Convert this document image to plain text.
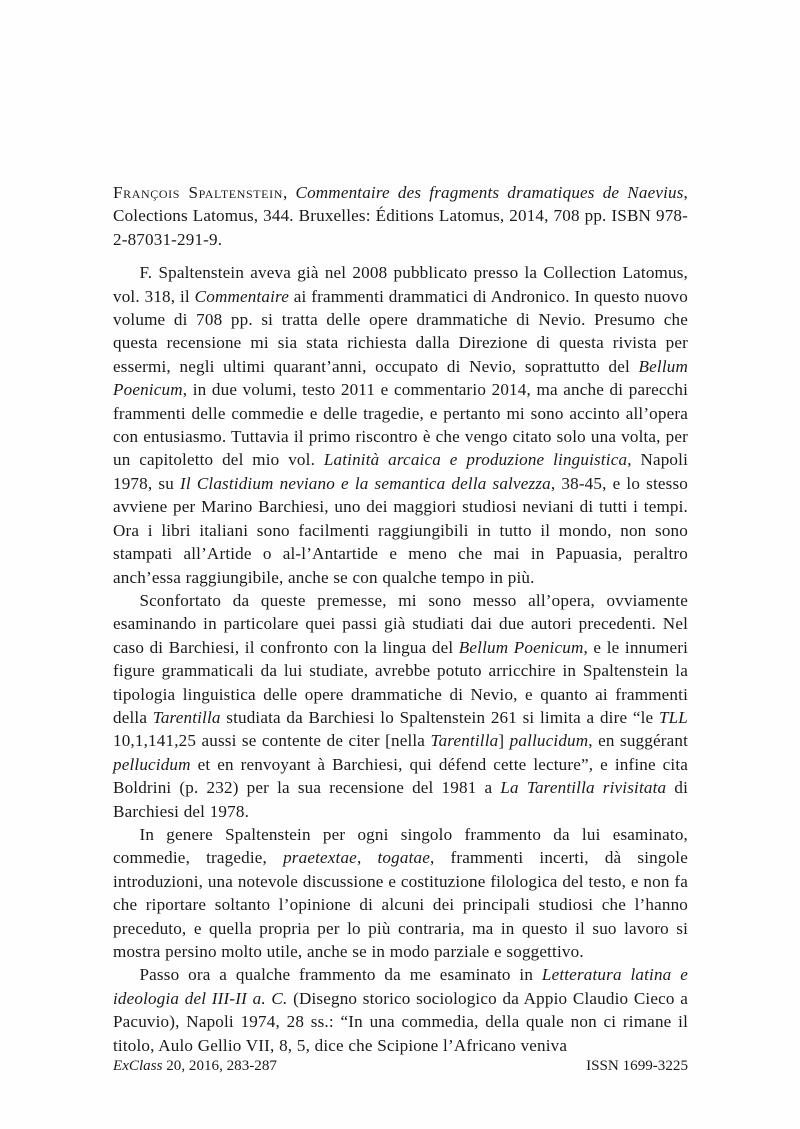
François Spaltenstein, Commentaire des fragments dramatiques de Naevius, Colections Latomus, 344. Bruxelles: Éditions Latomus, 2014, 708 pp. ISBN 978-2-87031-291-9.

F. Spaltenstein aveva già nel 2008 pubblicato presso la Collection Latomus, vol. 318, il Commentaire ai frammenti drammatici di Andronico. In questo nuovo volume di 708 pp. si tratta delle opere drammatiche di Nevio. Presumo che questa recensione mi sia stata richiesta dalla Direzione di questa rivista per essermi, negli ultimi quarant’anni, occupato di Nevio, soprattutto del Bellum Poenicum, in due volumi, testo 2011 e commentario 2014, ma anche di parecchi frammenti delle commedie e delle tragedie, e pertanto mi sono accinto all’opera con entusiasmo. Tuttavia il primo riscontro è che vengo citato solo una volta, per un capitoletto del mio vol. Latinità arcaica e produzione linguistica, Napoli 1978, su Il Clastidium neviano e la semantica della salvezza, 38-45, e lo stesso avviene per Marino Barchiesi, uno dei maggiori studiosi neviani di tutti i tempi. Ora i libri italiani sono facilmenti raggiungibili in tutto il mondo, non sono stampati all’Artide o al-l’Antartide e meno che mai in Papuasia, peraltro anch’essa raggiungibile, anche se con qualche tempo in più.

Sconfortato da queste premesse, mi sono messo all’opera, ovviamente esaminando in particolare quei passi già studiati dai due autori precedenti. Nel caso di Barchiesi, il confronto con la lingua del Bellum Poenicum, e le innumeri figure grammaticali da lui studiate, avrebbe potuto arricchire in Spaltenstein la tipologia linguistica delle opere drammatiche di Nevio, e quanto ai frammenti della Tarentilla studiata da Barchiesi lo Spaltenstein 261 si limita a dire “le TLL 10,1,141,25 aussi se contente de citer [nella Tarentilla] pallucidum, en suggérant pellucidum et en renvoyant à Barchiesi, qui défend cette lecture”, e infine cita Boldrini (p. 232) per la sua recensione del 1981 a La Tarentilla rivisitata di Barchiesi del 1978.

In genere Spaltenstein per ogni singolo frammento da lui esaminato, commedie, tragedie, praetextae, togatae, frammenti incerti, dà singole introduzioni, una notevole discussione e costituzione filologica del testo, e non fa che riportare soltanto l’opinione di alcuni dei principali studiosi che l’hanno preceduto, e quella propria per lo più contraria, ma in questo il suo lavoro si mostra persino molto utile, anche se in modo parziale e soggettivo.

Passo ora a qualche frammento da me esaminato in Letteratura latina e ideologia del III-II a. C. (Disegno storico sociologico da Appio Claudio Cieco a Pacuvio), Napoli 1974, 28 ss.: “In una commedia, della quale non ci rimane il titolo, Aulo Gellio VII, 8, 5, dice che Scipione l’Africano veniva

ExClass 20, 2016, 283-287	ISSN 1699-3225
